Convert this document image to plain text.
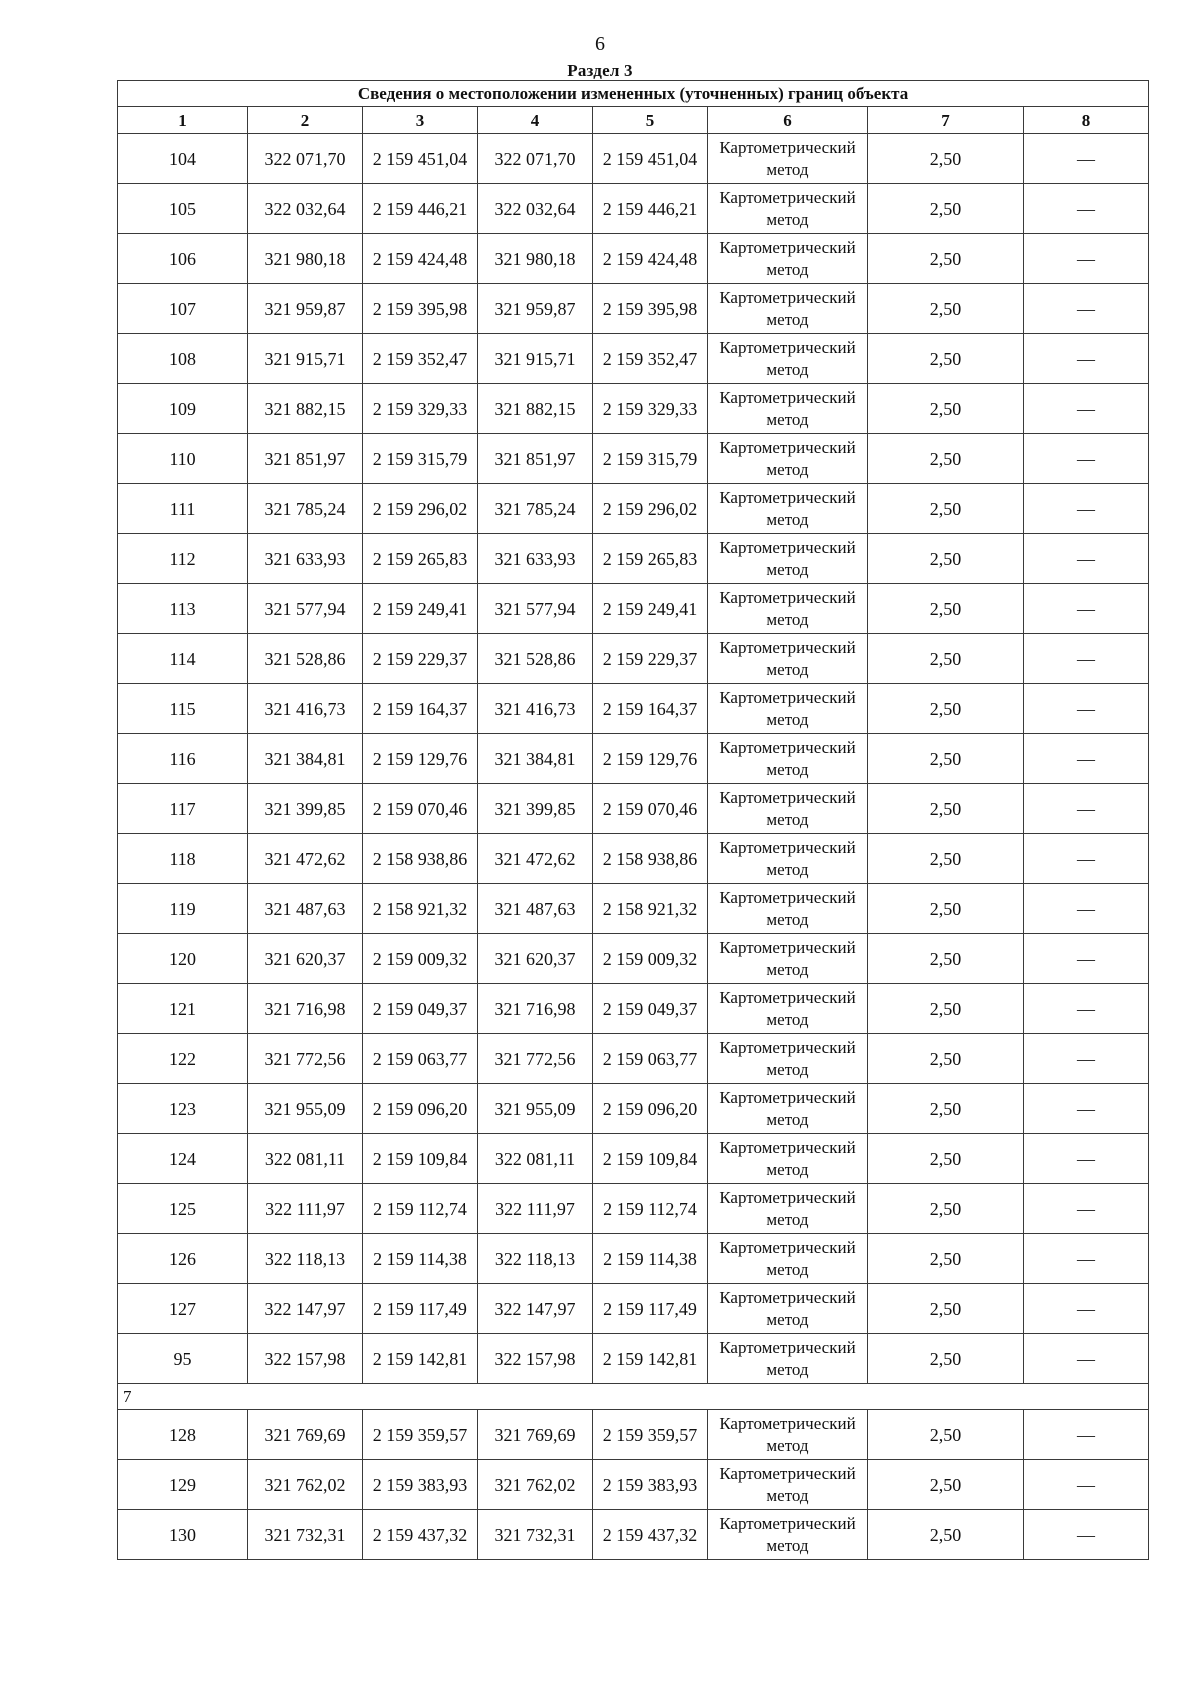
6
Раздел 3
Сведения о местоположении измененных (уточненных) границ объекта							
1	2	3	4	5	6	7	8
104	322 071,70	2 159 451,04	322 071,70	2 159 451,04	Картометрический метод	2,50	—
105	322 032,64	2 159 446,21	322 032,64	2 159 446,21	Картометрический метод	2,50	—
106	321 980,18	2 159 424,48	321 980,18	2 159 424,48	Картометрический метод	2,50	—
107	321 959,87	2 159 395,98	321 959,87	2 159 395,98	Картометрический метод	2,50	—
108	321 915,71	2 159 352,47	321 915,71	2 159 352,47	Картометрический метод	2,50	—
109	321 882,15	2 159 329,33	321 882,15	2 159 329,33	Картометрический метод	2,50	—
110	321 851,97	2 159 315,79	321 851,97	2 159 315,79	Картометрический метод	2,50	—
111	321 785,24	2 159 296,02	321 785,24	2 159 296,02	Картометрический метод	2,50	—
112	321 633,93	2 159 265,83	321 633,93	2 159 265,83	Картометрический метод	2,50	—
113	321 577,94	2 159 249,41	321 577,94	2 159 249,41	Картометрический метод	2,50	—
114	321 528,86	2 159 229,37	321 528,86	2 159 229,37	Картометрический метод	2,50	—
115	321 416,73	2 159 164,37	321 416,73	2 159 164,37	Картометрический метод	2,50	—
116	321 384,81	2 159 129,76	321 384,81	2 159 129,76	Картометрический метод	2,50	—
117	321 399,85	2 159 070,46	321 399,85	2 159 070,46	Картометрический метод	2,50	—
118	321 472,62	2 158 938,86	321 472,62	2 158 938,86	Картометрический метод	2,50	—
119	321 487,63	2 158 921,32	321 487,63	2 158 921,32	Картометрический метод	2,50	—
120	321 620,37	2 159 009,32	321 620,37	2 159 009,32	Картометрический метод	2,50	—
121	321 716,98	2 159 049,37	321 716,98	2 159 049,37	Картометрический метод	2,50	—
122	321 772,56	2 159 063,77	321 772,56	2 159 063,77	Картометрический метод	2,50	—
123	321 955,09	2 159 096,20	321 955,09	2 159 096,20	Картометрический метод	2,50	—
124	322 081,11	2 159 109,84	322 081,11	2 159 109,84	Картометрический метод	2,50	—
125	322 111,97	2 159 112,74	322 111,97	2 159 112,74	Картометрический метод	2,50	—
126	322 118,13	2 159 114,38	322 118,13	2 159 114,38	Картометрический метод	2,50	—
127	322 147,97	2 159 117,49	322 147,97	2 159 117,49	Картометрический метод	2,50	—
95	322 157,98	2 159 142,81	322 157,98	2 159 142,81	Картометрический метод	2,50	—
7							
128	321 769,69	2 159 359,57	321 769,69	2 159 359,57	Картометрический метод	2,50	—
129	321 762,02	2 159 383,93	321 762,02	2 159 383,93	Картометрический метод	2,50	—
130	321 732,31	2 159 437,32	321 732,31	2 159 437,32	Картометрический метод	2,50	—
